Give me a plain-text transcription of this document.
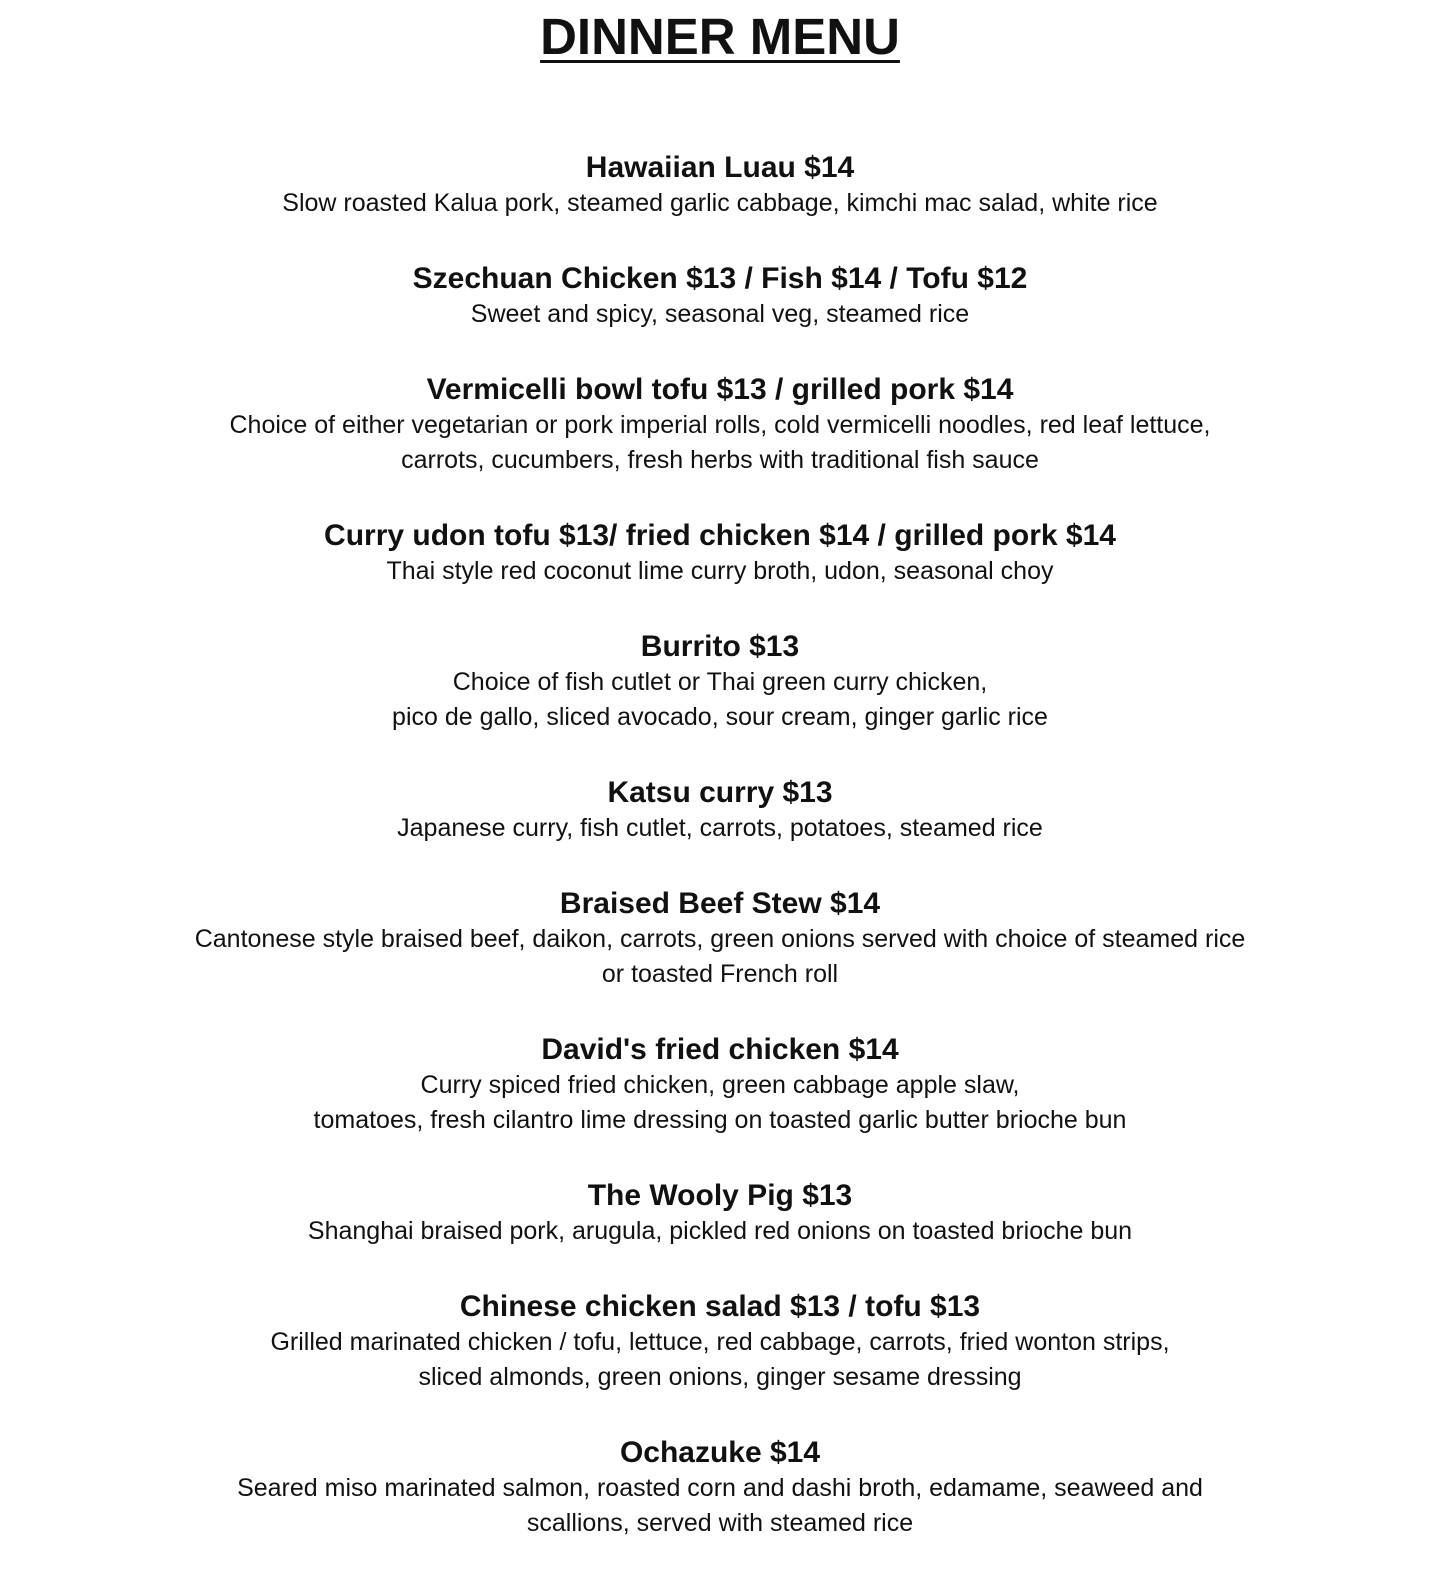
DINNER MENU

Hawaiian Luau $14

Slow roasted Kalua pork, steamed garlic cabbage, kimchi mac salad, white rice

Szechuan Chicken $13 / Fish $14 / Tofu $12

Sweet and spicy, seasonal veg, steamed rice

Vermicelli bowl tofu $13 / grilled pork $14

Choice of either vegetarian or pork imperial rolls, cold vermicelli noodles, red leaf lettuce,
carrots, cucumbers, fresh herbs with traditional fish sauce

Curry udon tofu $13/ fried chicken $14 / grilled pork $14

Thai style red coconut lime curry broth, udon, seasonal choy

Burrito $13

Choice of fish cutlet or Thai green curry chicken,
pico de gallo, sliced avocado, sour cream, ginger garlic rice

Katsu curry $13

Japanese curry, fish cutlet, carrots, potatoes, steamed rice

Braised Beef Stew $14

Cantonese style braised beef, daikon, carrots, green onions served with choice of steamed rice
or toasted French roll

David's fried chicken $14

Curry spiced fried chicken, green cabbage apple slaw,
tomatoes, fresh cilantro lime dressing on toasted garlic butter brioche bun

The Wooly Pig $13

Shanghai braised pork, arugula, pickled red onions on toasted brioche bun

Chinese chicken salad $13 / tofu $13

Grilled marinated chicken / tofu, lettuce, red cabbage, carrots, fried wonton strips,
sliced almonds, green onions, ginger sesame dressing

Ochazuke $14

Seared miso marinated salmon, roasted corn and dashi broth, edamame, seaweed and
scallions, served with steamed rice
